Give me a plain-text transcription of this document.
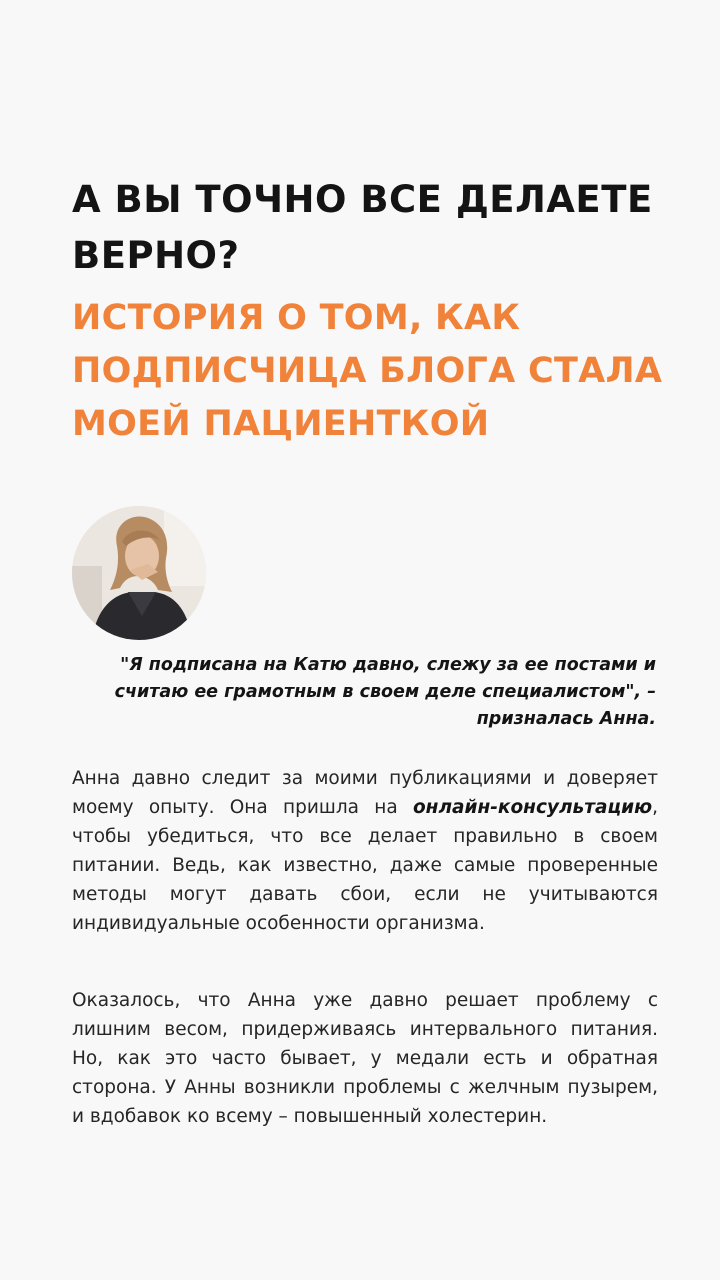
А ВЫ ТОЧНО ВСЕ ДЕЛАЕТЕ ВЕРНО?
ИСТОРИЯ О ТОМ, КАК ПОДПИСЧИЦА БЛОГА СТАЛА МОЕЙ ПАЦИЕНТКОЙ

"Я подписана на Катю давно, слежу за ее постами и считаю ее грамотным в своем деле специалистом", – призналась Анна.

Анна давно следит за моими публикациями и доверяет моему опыту. Она пришла на онлайн-консультацию, чтобы убедиться, что все делает правильно в своем питании. Ведь, как известно, даже самые проверенные методы могут давать сбои, если не учитываются индивидуальные особенности организма.

Оказалось, что Анна уже давно решает проблему с лишним весом, придерживаясь интервального питания. Но, как это часто бывает, у медали есть и обратная сторона. У Анны возникли проблемы с желчным пузырем, и вдобавок ко всему – повышенный холестерин.
